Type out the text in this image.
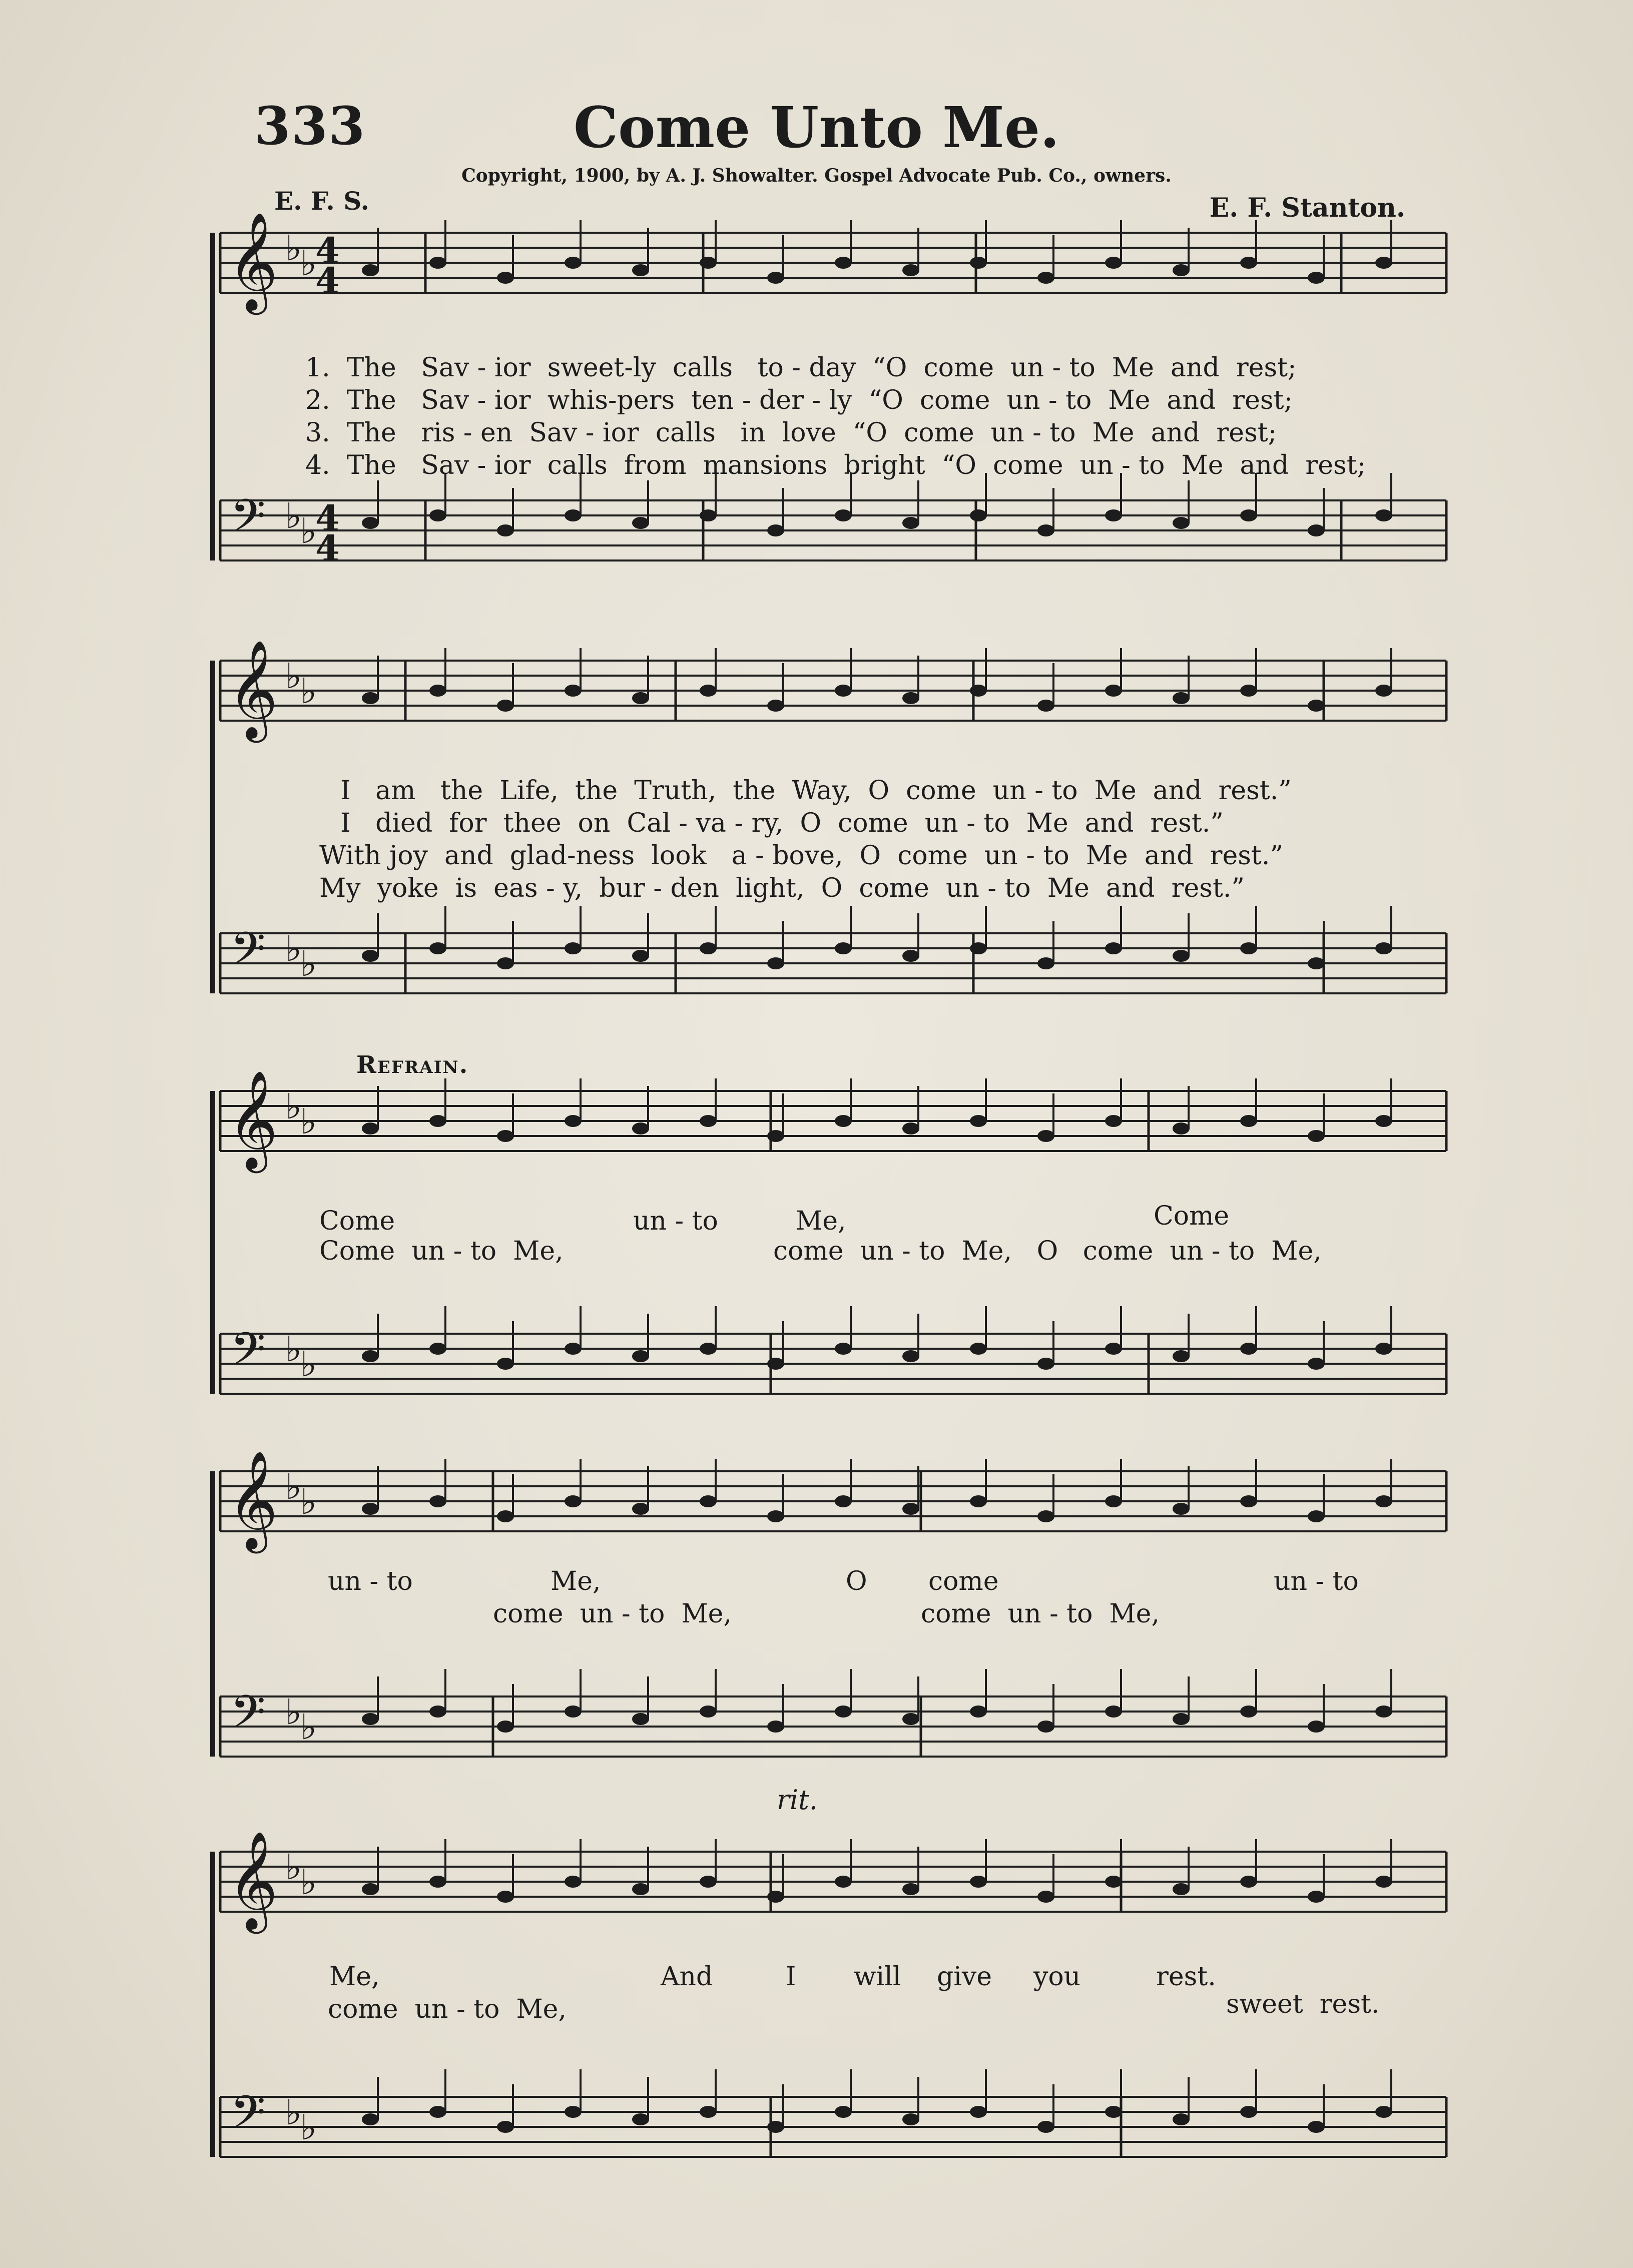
333	Come Unto Me.
Copyright, 1900, by A. J. Showalter. Gospel Advocate Pub. Co., owners.
E. F. S.	E. F. Stanton.
𝄞
𝄢
♭
♭
♭
♭
𝄞
𝄢
♭
♭
♭
♭
𝄞
𝄢
♭
♭
♭
♭
𝄞
𝄢
♭
♭
♭
♭
𝄞
𝄢
♭
♭
♭
♭
4
4
4
4
1.  The   Sav - ior  sweet-ly  calls   to - day  “O  come  un - to  Me  and  rest;
2.  The   Sav - ior  whis-pers  ten - der - ly  “O  come  un - to  Me  and  rest;
3.  The   ris - en  Sav - ior  calls   in  love  “O  come  un - to  Me  and  rest;
4.  The   Sav - ior  calls  from  mansions  bright  “O  come  un - to  Me  and  rest;
I   am   the  Life,  the  Truth,  the  Way,  O  come  un - to  Me  and  rest.”
I   died  for  thee  on  Cal - va - ry,  O  come  un - to  Me  and  rest.”
With joy  and  glad-ness  look   a - bove,  O  come  un - to  Me  and  rest.”
My  yoke  is  eas - y,  bur - den  light,  O  come  un - to  Me  and  rest.”
Refrain.
Come	un - to	Me,	Come
Come  un - to  Me,	come  un - to  Me,   O   come  un - to  Me,
un - to	Me,	O come	un - to
come  un - to  Me,	come  un - to  Me,
rit.
Me,	And	I will give you	rest.
come  un - to  Me,	sweet  rest.
